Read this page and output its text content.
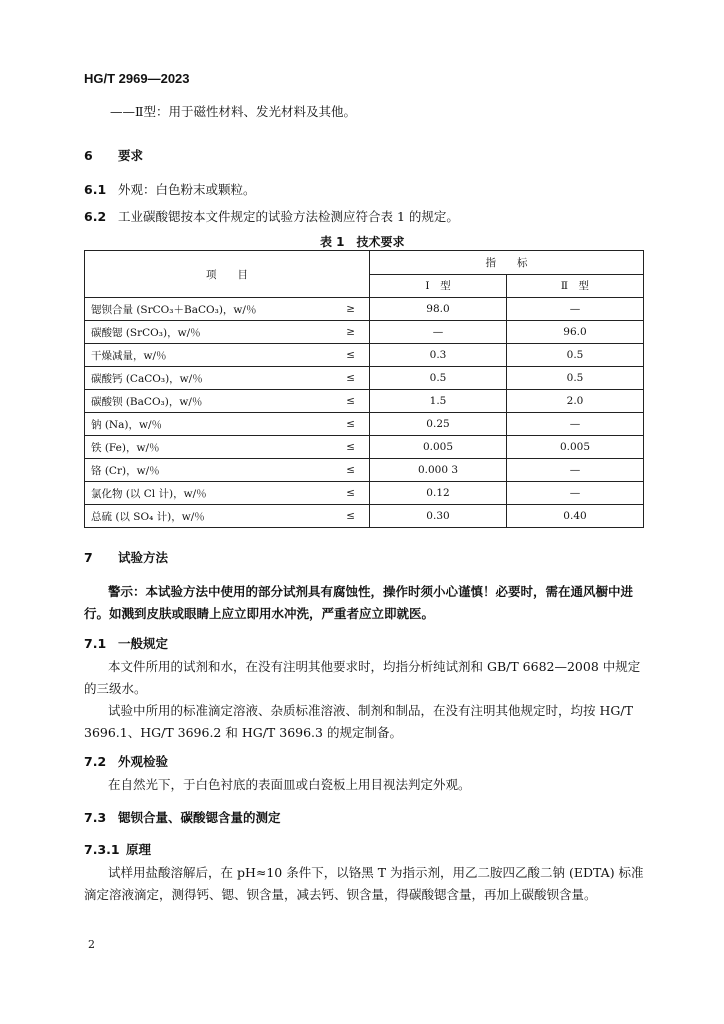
HG/T 2969—2023
——Ⅱ型：用于磁性材料、发光材料及其他。
6 要求
6.1 外观：白色粉末或颗粒。
6.2 工业碳酸锶按本文件规定的试验方法检测应符合表 1 的规定。
表 1　技术要求
项　　目		指　　标	
		Ⅰ　型	Ⅱ　型
锶钡合量 (SrCO₃＋BaCO₃)，w/％	≥	98.0	—
碳酸锶 (SrCO₃)，w/％	≥	—	96.0
干燥减量，w/％	≤	0.3	0.5
碳酸钙 (CaCO₃)，w/％	≤	0.5	0.5
碳酸钡 (BaCO₃)，w/％	≤	1.5	2.0
钠 (Na)，w/％	≤	0.25	—
铁 (Fe)，w/％	≤	0.005	0.005
铬 (Cr)，w/％	≤	0.000 3	—
氯化物 (以 Cl 计)，w/％	≤	0.12	—
总硫 (以 SO₄ 计)，w/％	≤	0.30	0.40
7 试验方法
警示：本试验方法中使用的部分试剂具有腐蚀性，操作时须小心谨慎！必要时，需在通风橱中进行。如溅到皮肤或眼睛上应立即用水冲洗，严重者应立即就医。
7.1 一般规定
本文件所用的试剂和水，在没有注明其他要求时，均指分析纯试剂和 GB/T 6682—2008 中规定的三级水。
试验中所用的标准滴定溶液、杂质标准溶液、制剂和制品，在没有注明其他规定时，均按 HG/T 3696.1、HG/T 3696.2 和 HG/T 3696.3 的规定制备。
7.2 外观检验
在自然光下，于白色衬底的表面皿或白瓷板上用目视法判定外观。
7.3 锶钡合量、碳酸锶含量的测定
7.3.1 原理
试样用盐酸溶解后，在 pH≈10 条件下，以铬黑 T 为指示剂，用乙二胺四乙酸二钠 (EDTA) 标准滴定溶液滴定，测得钙、锶、钡含量，减去钙、钡含量，得碳酸锶含量，再加上碳酸钡含量。
2
